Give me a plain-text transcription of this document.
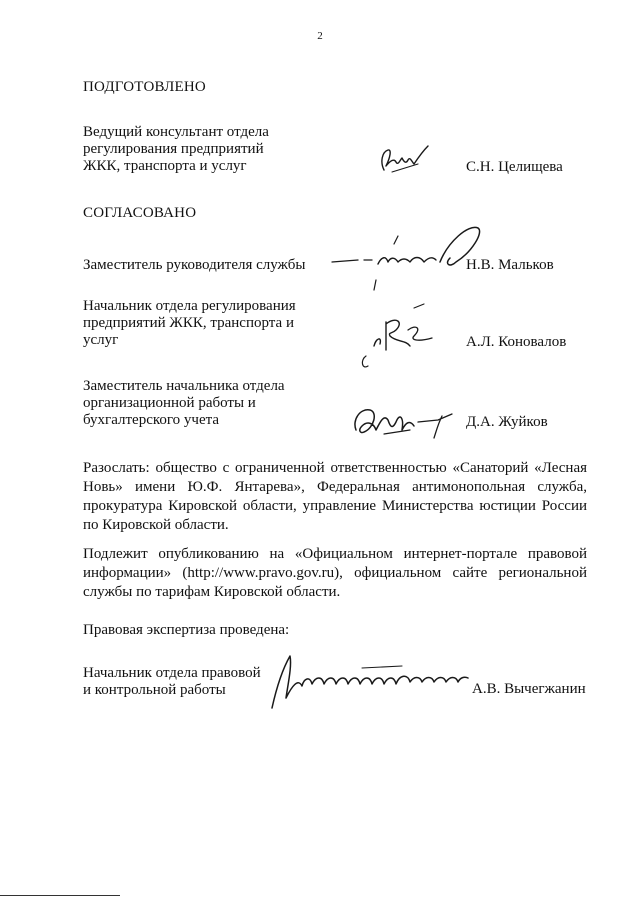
2
ПОДГОТОВЛЕНО
Ведущий консультант отдела
регулирования предприятий
ЖКК, транспорта и услуг	С.Н. Целищева
СОГЛАСОВАНО
Заместитель руководителя службы	Н.В. Мальков
Начальник отдела регулирования
предприятий ЖКК, транспорта и
услуг	А.Л. Коновалов
Заместитель начальника отдела
организационной работы и
бухгалтерского учета	Д.А. Жуйков
Разослать: общество с ограниченной ответственностью «Санаторий «Лесная
Новь» имени Ю.Ф. Янтарева», Федеральная антимонопольная служба,
прокуратура Кировской области, управление Министерства юстиции России
по Кировской области.
Подлежит опубликованию на «Официальном интернет-портале правовой
информации» (http://www.pravo.gov.ru), официальном сайте региональной
службы по тарифам Кировской области.
Правовая экспертиза проведена:
Начальник отдела правовой
и контрольной работы	А.В. Вычегжанин
